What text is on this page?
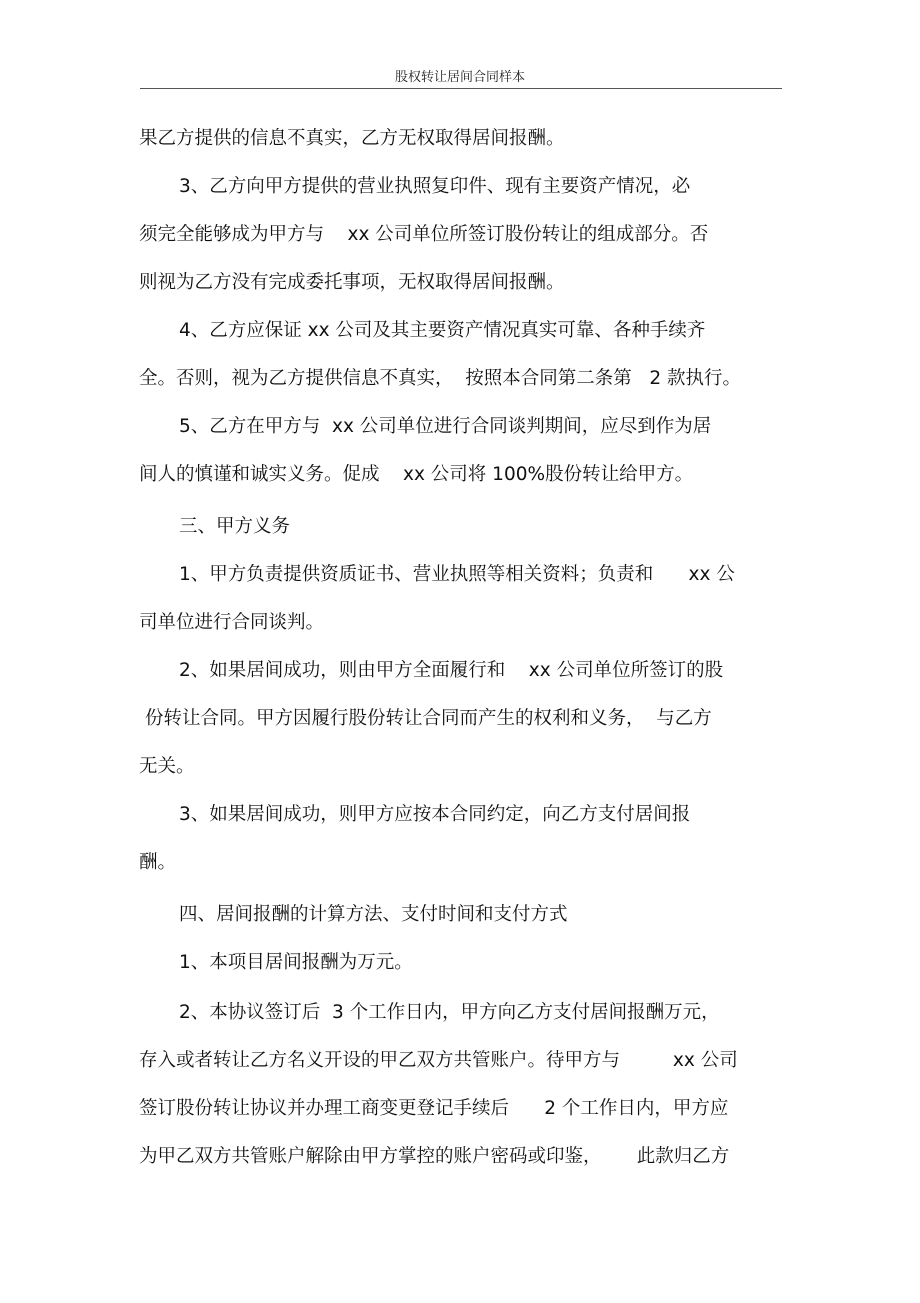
股权转让居间合同样本
果乙方提供的信息不真实，乙方无权取得居间报酬。
3、乙方向甲方提供的营业执照复印件、现有主要资产情况，必
须完全能够成为甲方与    xx 公司单位所签订股份转让的组成部分。否
则视为乙方没有完成委托事项，无权取得居间报酬。
4、乙方应保证 xx 公司及其主要资产情况真实可靠、各种手续齐
全。否则，视为乙方提供信息不真实，  按照本合同第二条第   2 款执行。
5、乙方在甲方与  xx 公司单位进行合同谈判期间，应尽到作为居
间人的慎谨和诚实义务。促成    xx 公司将 100%股份转让给甲方。
三、甲方义务
1、甲方负责提供资质证书、营业执照等相关资料；负责和      xx 公
司单位进行合同谈判。
2、如果居间成功，则由甲方全面履行和    xx 公司单位所签订的股
份转让合同。甲方因履行股份转让合同而产生的权利和义务，  与乙方
无关。
3、如果居间成功，则甲方应按本合同约定，向乙方支付居间报
酬。
四、居间报酬的计算方法、支付时间和支付方式
1、本项目居间报酬为万元。
2、本协议签订后  3 个工作日内，甲方向乙方支付居间报酬万元，
存入或者转让乙方名义开设的甲乙双方共管账户。待甲方与         xx 公司
签订股份转让协议并办理工商变更登记手续后      2 个工作日内，甲方应
为甲乙双方共管账户解除由甲方掌控的账户密码或印鉴，      此款归乙方
